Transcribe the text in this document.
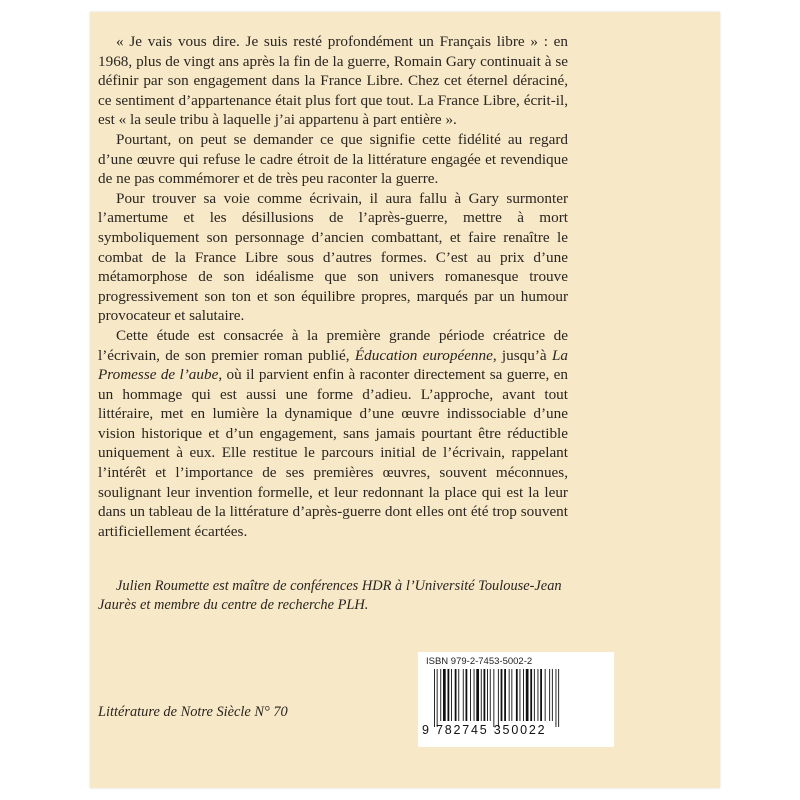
« Je vais vous dire. Je suis resté profondément un Français libre » : en 1968, plus de vingt ans après la fin de la guerre, Romain Gary continuait à se définir par son engagement dans la France Libre. Chez cet éternel déraciné, ce sentiment d’appartenance était plus fort que tout. La France Libre, écrit-il, est « la seule tribu à laquelle j’ai appartenu à part entière ».

Pourtant, on peut se demander ce que signifie cette fidélité au regard d’une œuvre qui refuse le cadre étroit de la littérature engagée et revendique de ne pas commémorer et de très peu raconter la guerre.

Pour trouver sa voie comme écrivain, il aura fallu à Gary surmonter l’amertume et les désillusions de l’après-guerre, mettre à mort symboliquement son personnage d’ancien combattant, et faire renaître le combat de la France Libre sous d’autres formes. C’est au prix d’une métamorphose de son idéalisme que son univers romanesque trouve progressivement son ton et son équilibre propres, marqués par un humour provocateur et salutaire.

Cette étude est consacrée à la première grande période créatrice de l’écrivain, de son premier roman publié, Éducation européenne, jusqu’à La Promesse de l’aube, où il parvient enfin à raconter directement sa guerre, en un hommage qui est aussi une forme d’adieu. L’approche, avant tout littéraire, met en lumière la dynamique d’une œuvre indissociable d’une vision historique et d’un engagement, sans jamais pourtant être réductible uniquement à eux. Elle restitue le parcours initial de l’écrivain, rappelant l’intérêt et l’importance de ses premières œuvres, souvent méconnues, soulignant leur invention formelle, et leur redonnant la place qui est la leur dans un tableau de la littérature d’après-guerre dont elles ont été trop souvent artificiellement écartées.

Julien Roumette est maître de conférences HDR à l’Université Toulouse-Jean Jaurès et membre du centre de recherche PLH.
Littérature de Notre Siècle N° 70
ISBN 979-2-7453-5002-2
9 782745 350022
